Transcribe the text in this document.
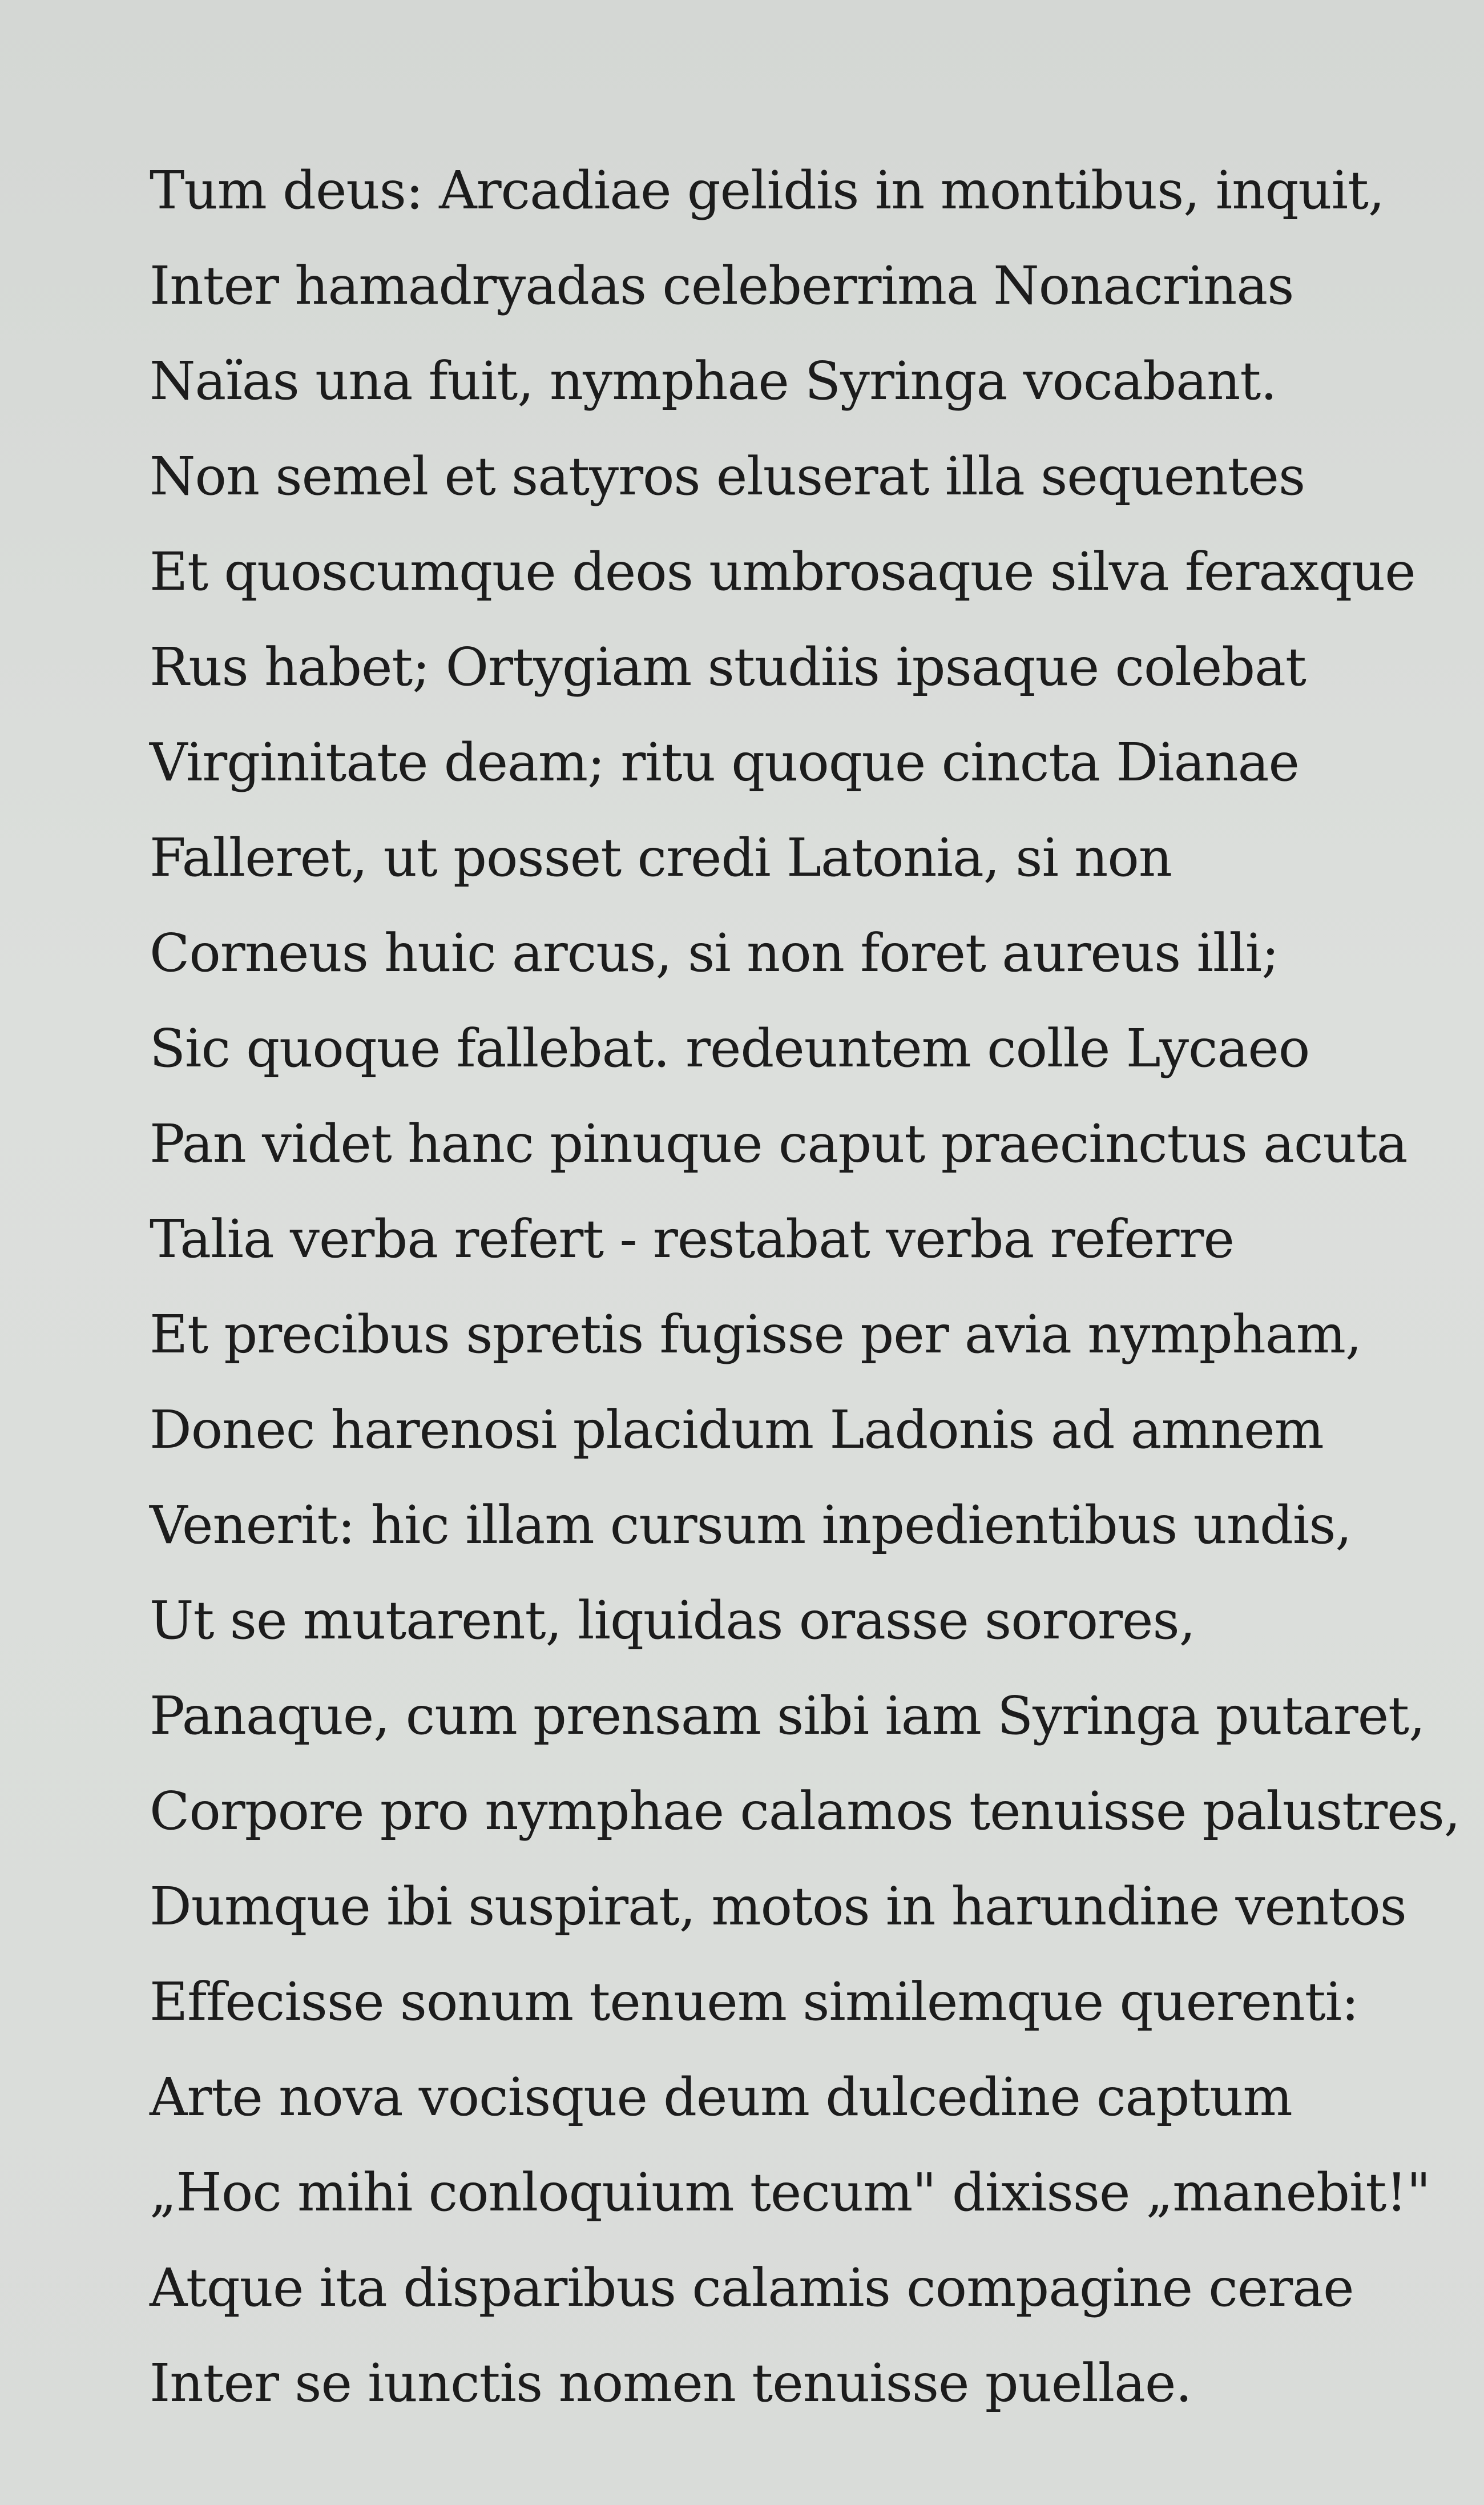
Tum deus: Arcadiae gelidis in montibus, inquit,
Inter hamadryadas celeberrima Nonacrinas
Naïas una fuit, nymphae Syringa vocabant.
Non semel et satyros eluserat illa sequentes
Et quoscumque deos umbrosaque silva feraxque
Rus habet; Ortygiam studiis ipsaque colebat
Virginitate deam; ritu quoque cincta Dianae
Falleret, ut posset credi Latonia, si non
Corneus huic arcus, si non foret aureus illi;
Sic quoque fallebat. redeuntem colle Lycaeo
Pan videt hanc pinuque caput praecinctus acuta
Talia verba refert - restabat verba referre
Et precibus spretis fugisse per avia nympham,
Donec harenosi placidum Ladonis ad amnem
Venerit: hic illam cursum inpedientibus undis,
Ut se mutarent, liquidas orasse sorores,
Panaque, cum prensam sibi iam Syringa putaret,
Corpore pro nymphae calamos tenuisse palustres,
Dumque ibi suspirat, motos in harundine ventos
Effecisse sonum tenuem similemque querenti:
Arte nova vocisque deum dulcedine captum
„Hoc mihi conloquium tecum" dixisse „manebit!"
Atque ita disparibus calamis compagine cerae
Inter se iunctis nomen tenuisse puellae.
